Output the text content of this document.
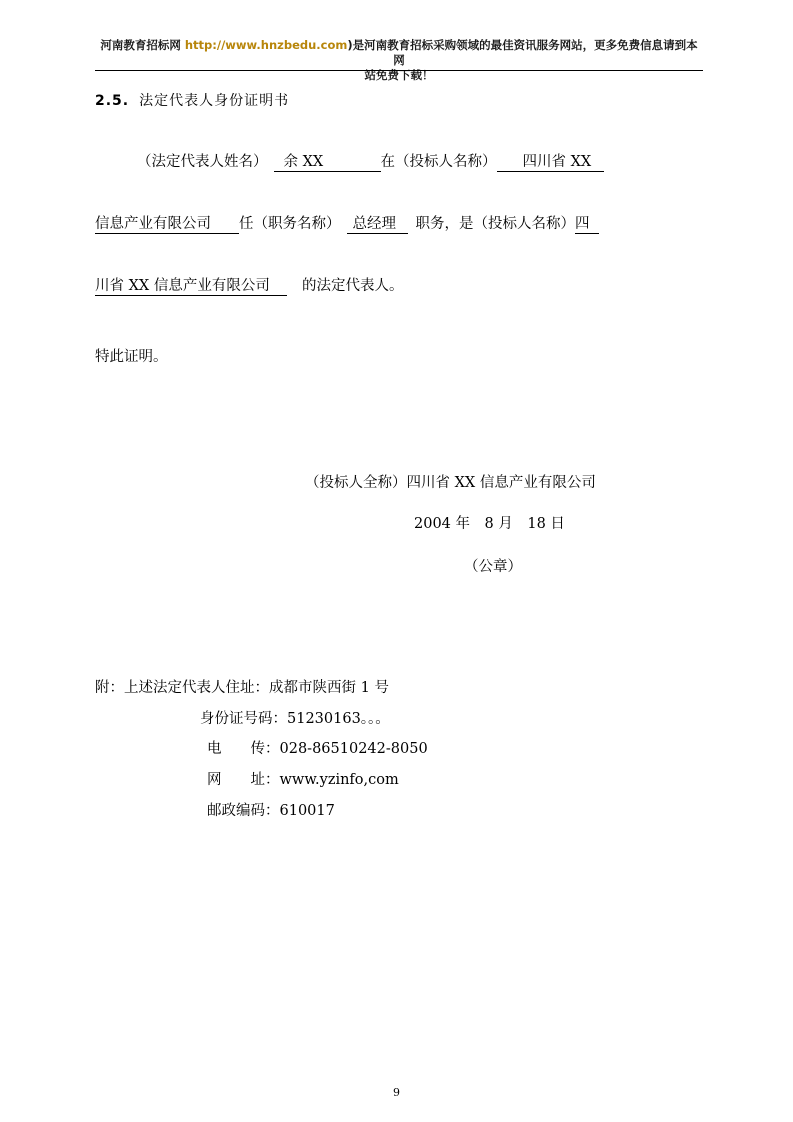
河南教育招标网 http://www.hnzbedu.com)是河南教育招标采购领域的最佳资讯服务网站，更多免费信息请到本网
站免费下载！
2.5. 法定代表人身份证明书
（法定代表人姓名） 余 XX	在（投标人名称） 四川省 XX
信息产业有限公司 任（职务名称） 总经理 职务，是（投标人名称）四
川省 XX 信息产业有限公司 的法定代表人。
特此证明。
（投标人全称）四川省 XX 信息产业有限公司
2004 年　8 月　18 日
（公章）
附：上述法定代表人住址：成都市陕西街 1 号
身份证号码：51230163。。。
电　　传：028-86510242-8050
网　　址：www.yzinfo,com
邮政编码：610017
9
